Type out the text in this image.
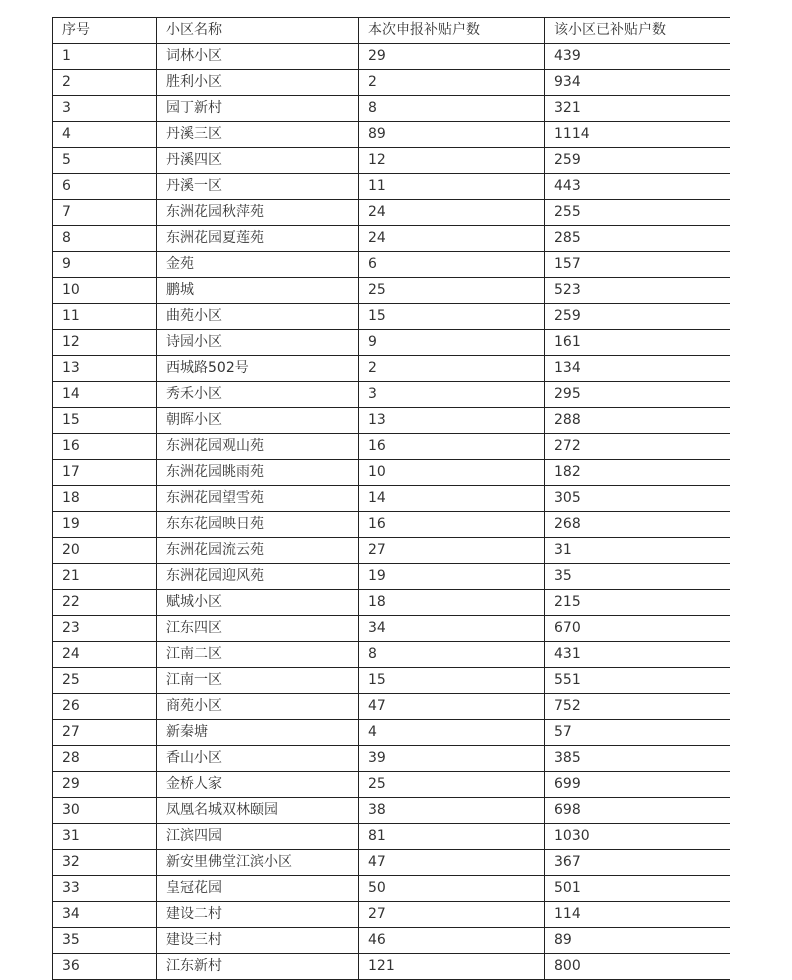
序号	小区名称	本次申报补贴户数	该小区已补贴户数
1	词林小区	29	439
2	胜利小区	2	934
3	园丁新村	8	321
4	丹溪三区	89	1114
5	丹溪四区	12	259
6	丹溪一区	11	443
7	东洲花园秋萍苑	24	255
8	东洲花园夏莲苑	24	285
9	金苑	6	157
10	鹏城	25	523
11	曲苑小区	15	259
12	诗园小区	9	161
13	西城路502号	2	134
14	秀禾小区	3	295
15	朝晖小区	13	288
16	东洲花园观山苑	16	272
17	东洲花园眺雨苑	10	182
18	东洲花园望雪苑	14	305
19	东东花园映日苑	16	268
20	东洲花园流云苑	27	31
21	东洲花园迎风苑	19	35
22	赋城小区	18	215
23	江东四区	34	670
24	江南二区	8	431
25	江南一区	15	551
26	商苑小区	47	752
27	新秦塘	4	57
28	香山小区	39	385
29	金桥人家	25	699
30	凤凰名城双林颐园	38	698
31	江滨四园	81	1030
32	新安里佛堂江滨小区	47	367
33	皇冠花园	50	501
34	建设二村	27	114
35	建设三村	46	89
36	江东新村	121	800
